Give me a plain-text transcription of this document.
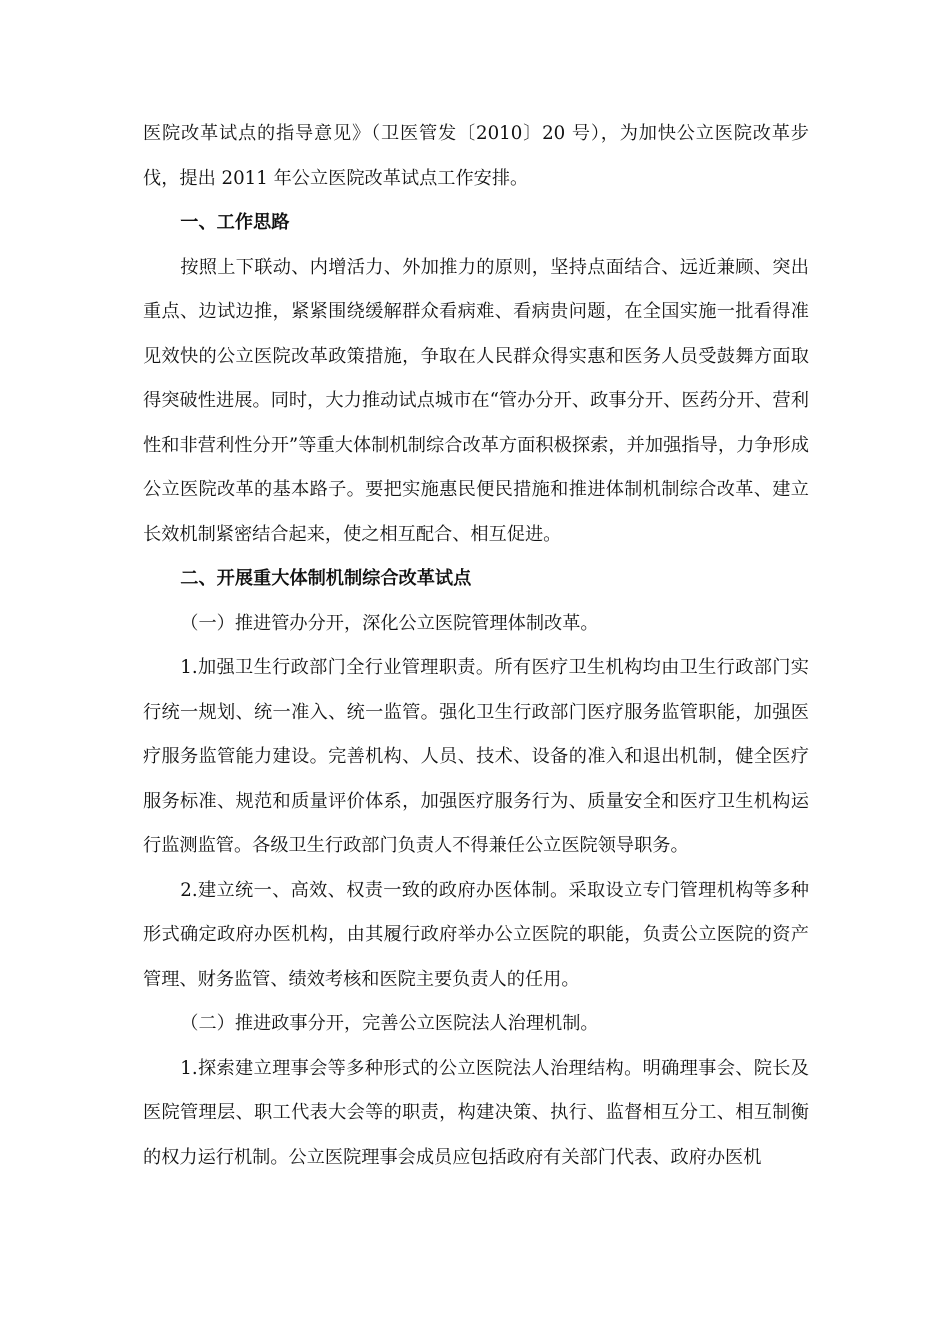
医院改革试点的指导意见》（卫医管发〔2010〕20 号），为加快公立医院改革步伐，提出 2011 年公立医院改革试点工作安排。

一、工作思路

按照上下联动、内增活力、外加推力的原则，坚持点面结合、远近兼顾、突出重点、边试边推，紧紧围绕缓解群众看病难、看病贵问题，在全国实施一批看得准见效快的公立医院改革政策措施，争取在人民群众得实惠和医务人员受鼓舞方面取得突破性进展。同时，大力推动试点城市在“管办分开、政事分开、医药分开、营利性和非营利性分开”等重大体制机制综合改革方面积极探索，并加强指导，力争形成公立医院改革的基本路子。要把实施惠民便民措施和推进体制机制综合改革、建立长效机制紧密结合起来，使之相互配合、相互促进。

二、开展重大体制机制综合改革试点

（一）推进管办分开，深化公立医院管理体制改革。

1.加强卫生行政部门全行业管理职责。所有医疗卫生机构均由卫生行政部门实行统一规划、统一准入、统一监管。强化卫生行政部门医疗服务监管职能，加强医疗服务监管能力建设。完善机构、人员、技术、设备的准入和退出机制，健全医疗服务标准、规范和质量评价体系，加强医疗服务行为、质量安全和医疗卫生机构运行监测监管。各级卫生行政部门负责人不得兼任公立医院领导职务。

2.建立统一、高效、权责一致的政府办医体制。采取设立专门管理机构等多种形式确定政府办医机构，由其履行政府举办公立医院的职能，负责公立医院的资产管理、财务监管、绩效考核和医院主要负责人的任用。

（二）推进政事分开，完善公立医院法人治理机制。

1.探索建立理事会等多种形式的公立医院法人治理结构。明确理事会、院长及医院管理层、职工代表大会等的职责，构建决策、执行、监督相互分工、相互制衡的权力运行机制。公立医院理事会成员应包括政府有关部门代表、政府办医机
